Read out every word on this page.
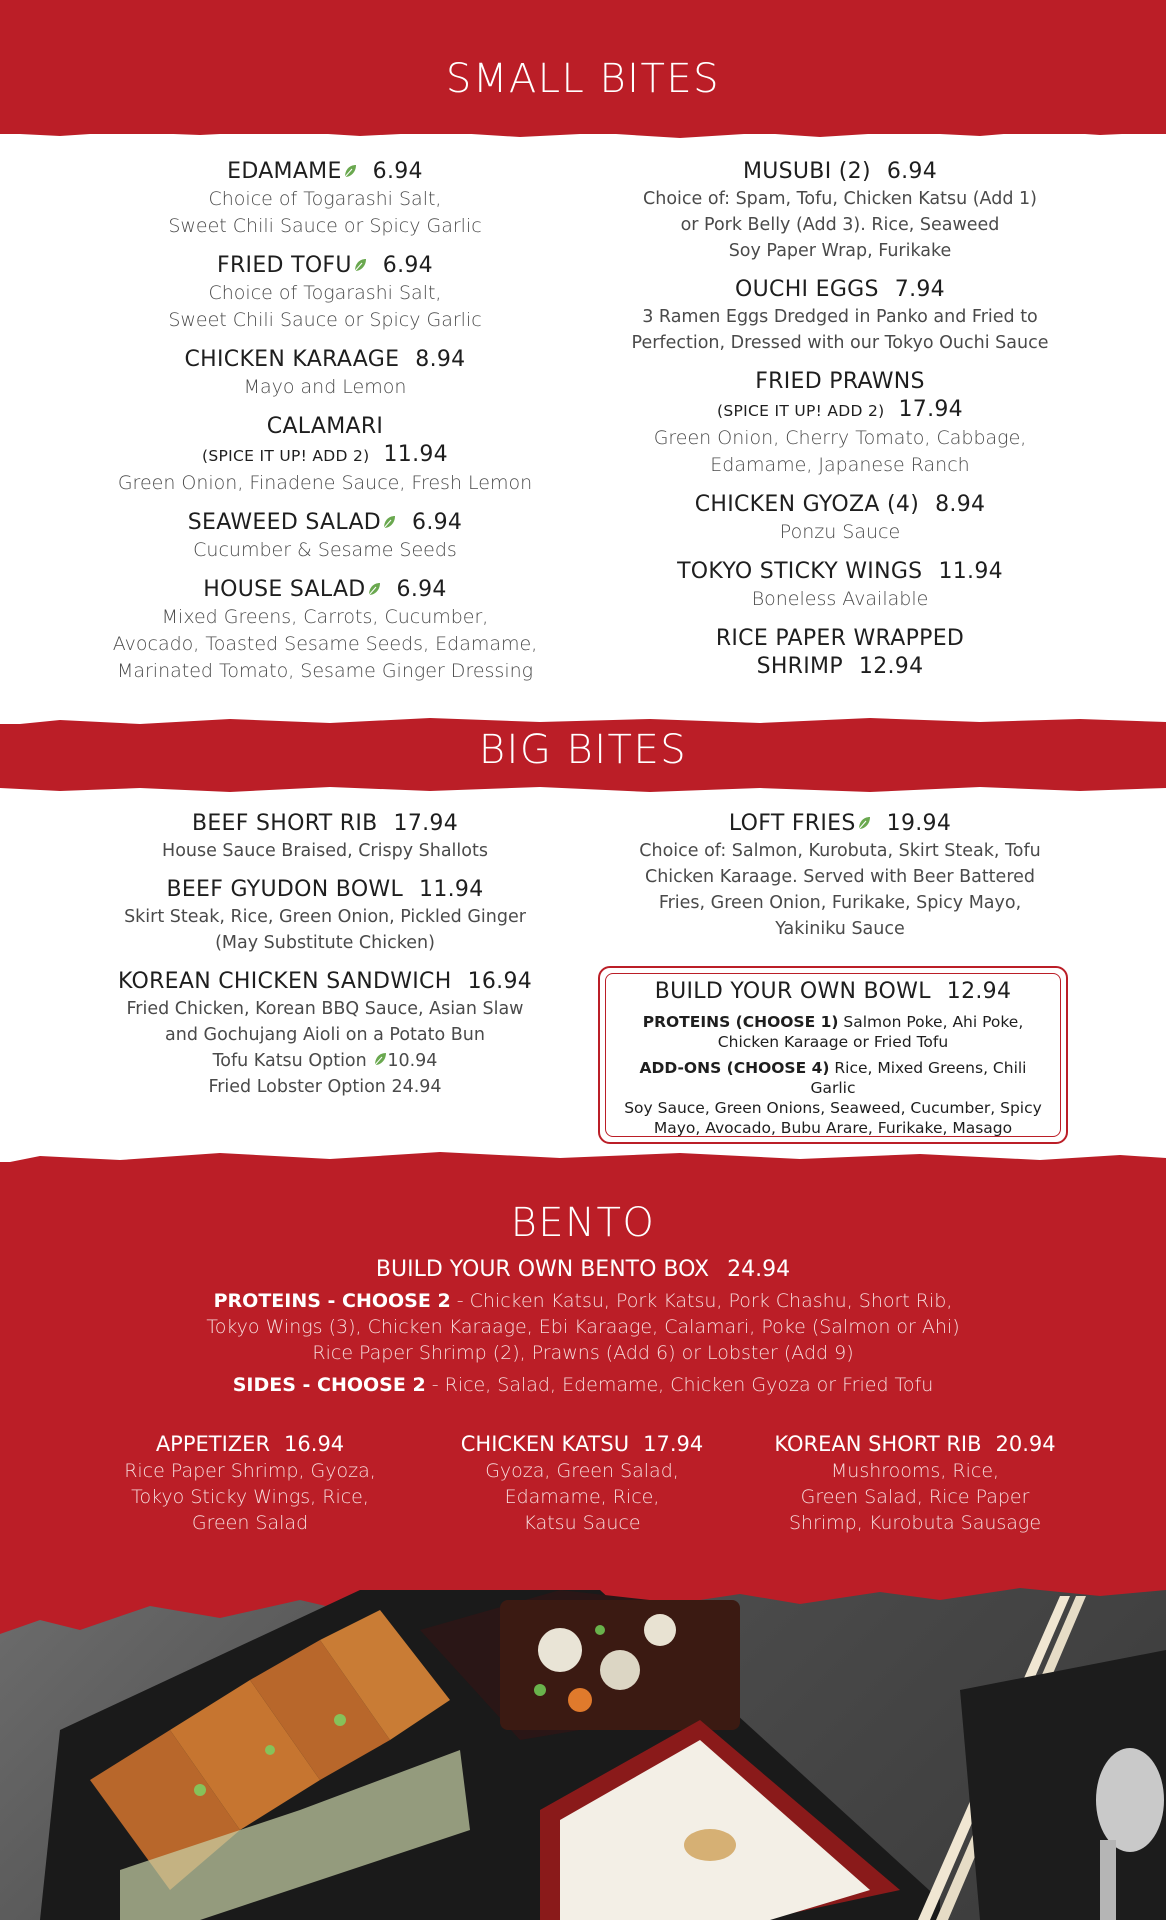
SMALL BITES
BIG BITES
BENTO
EDAMAME 6.94
Choice of Togarashi Salt,
Sweet Chili Sauce or Spicy Garlic
FRIED TOFU 6.94
Choice of Togarashi Salt,
Sweet Chili Sauce or Spicy Garlic
CHICKEN KARAAGE 8.94
Mayo and Lemon
CALAMARI
(SPICE IT UP! ADD 2) 11.94
Green Onion, Finadene Sauce, Fresh Lemon
SEAWEED SALAD 6.94
Cucumber & Sesame Seeds
HOUSE SALAD 6.94
Mixed Greens, Carrots, Cucumber,
Avocado, Toasted Sesame Seeds, Edamame,
Marinated Tomato, Sesame Ginger Dressing
MUSUBI (2) 6.94
Choice of: Spam, Tofu, Chicken Katsu (Add 1)
or Pork Belly (Add 3). Rice, Seaweed
Soy Paper Wrap, Furikake
OUCHI EGGS 7.94
3 Ramen Eggs Dredged in Panko and Fried to
Perfection, Dressed with our Tokyo Ouchi Sauce
FRIED PRAWNS
(SPICE IT UP! ADD 2) 17.94
Green Onion, Cherry Tomato, Cabbage,
Edamame, Japanese Ranch
CHICKEN GYOZA (4) 8.94
Ponzu Sauce
TOKYO STICKY WINGS 11.94
Boneless Available
RICE PAPER WRAPPED
SHRIMP 12.94
BEEF SHORT RIB 17.94
House Sauce Braised, Crispy Shallots
BEEF GYUDON BOWL 11.94
Skirt Steak, Rice, Green Onion, Pickled Ginger
(May Substitute Chicken)
KOREAN CHICKEN SANDWICH 16.94
Fried Chicken, Korean BBQ Sauce, Asian Slaw
and Gochujang Aioli on a Potato Bun
Tofu Katsu Option 10.94
Fried Lobster Option 24.94
LOFT FRIES 19.94
Choice of: Salmon, Kurobuta, Skirt Steak, Tofu
Chicken Karaage. Served with Beer Battered
Fries, Green Onion, Furikake, Spicy Mayo,
Yakiniku Sauce
BUILD YOUR OWN BOWL 12.94

PROTEINS (CHOOSE 1) Salmon Poke, Ahi Poke,
Chicken Karaage or Fried Tofu

ADD-ONS (CHOOSE 4) Rice, Mixed Greens, Chili Garlic
Soy Sauce, Green Onions, Seaweed, Cucumber, Spicy
Mayo, Avocado, Bubu Arare, Furikake, Masago

BUILD YOUR OWN BENTO BOX 24.94
PROTEINS - CHOOSE 2 - Chicken Katsu, Pork Katsu, Pork Chashu, Short Rib,
Tokyo Wings (3), Chicken Karaage, Ebi Karaage, Calamari, Poke (Salmon or Ahi)
Rice Paper Shrimp (2), Prawns (Add 6) or Lobster (Add 9)
SIDES - CHOOSE 2 - Rice, Salad, Edemame, Chicken Gyoza or Fried Tofu
APPETIZER 16.94
Rice Paper Shrimp, Gyoza,
Tokyo Sticky Wings, Rice,
Green Salad
CHICKEN KATSU 17.94
Gyoza, Green Salad,
Edamame, Rice,
Katsu Sauce
KOREAN SHORT RIB 20.94
Mushrooms, Rice,
Green Salad, Rice Paper
Shrimp, Kurobuta Sausage
